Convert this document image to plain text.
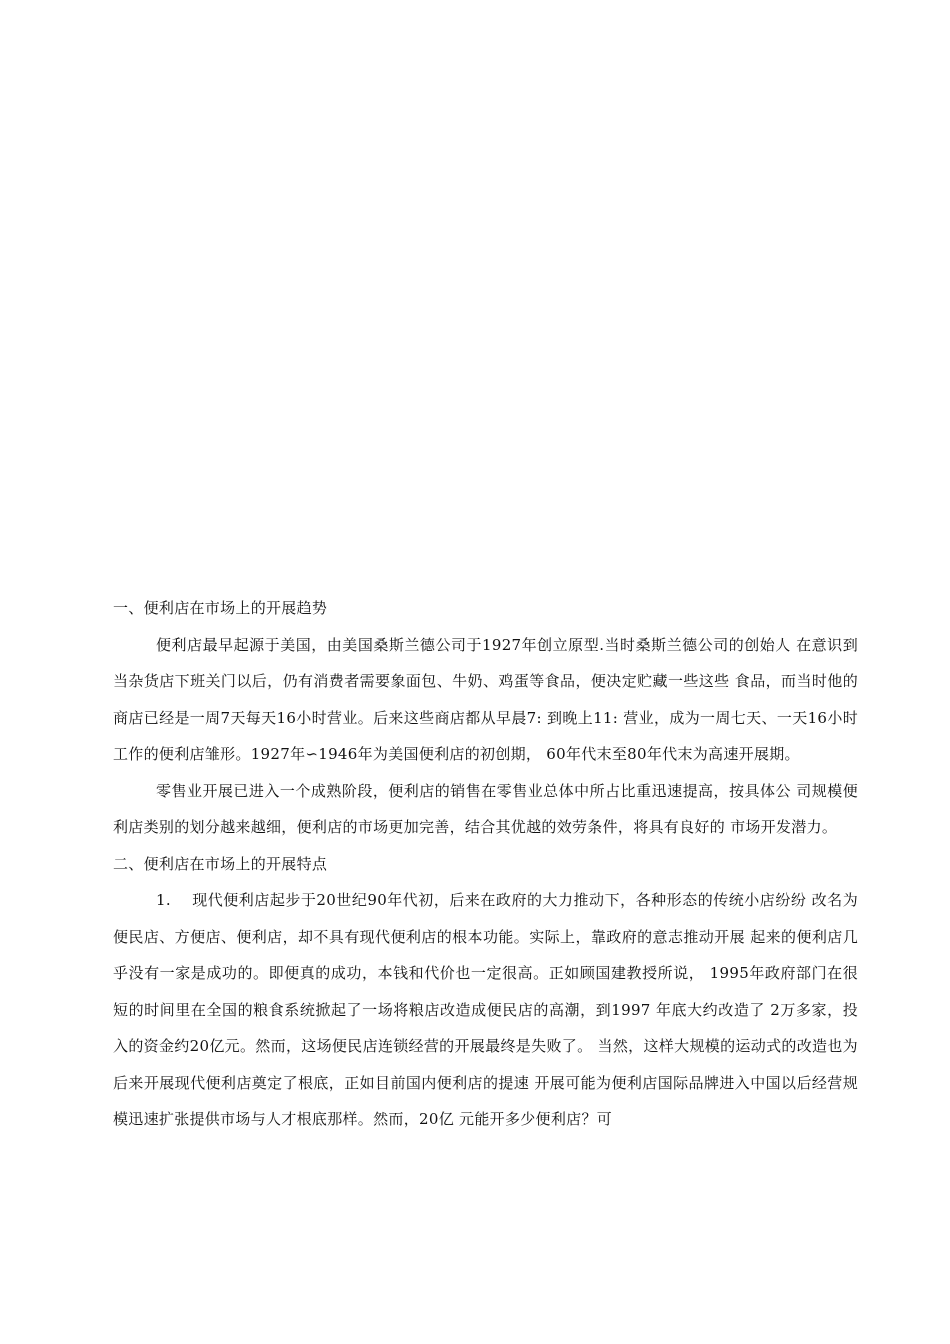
一、便利店在市场上的开展趋势

便利店最早起源于美国，由美国桑斯兰德公司于1927年创立原型.当时桑斯兰德公司的创始人 在意识到当杂货店下班关门以后，仍有消费者需要象面包、牛奶、鸡蛋等食品，便决定贮藏一些这些 食品，而当时他的商店已经是一周7天每天16小时营业。后来这些商店都从早晨7: 到晚上11: 营业，成为一周七天、一天16小时工作的便利店雏形。1927年∽1946年为美国便利店的初创期， 60年代末至80年代末为高速开展期。

零售业开展已进入一个成熟阶段，便利店的销售在零售业总体中所占比重迅速提高，按具体公 司规模便利店类别的划分越来越细，便利店的市场更加完善，结合其优越的效劳条件，将具有良好的 市场开发潜力。

二、便利店在市场上的开展特点

1. 现代便利店起步于20世纪90年代初，后来在政府的大力推动下，各种形态的传统小店纷纷 改名为便民店、方便店、便利店，却不具有现代便利店的根本功能。实际上，靠政府的意志推动开展 起来的便利店几乎没有一家是成功的。即便真的成功，本钱和代价也一定很高。正如顾国建教授所说， 1995年政府部门在很短的时间里在全国的粮食系统掀起了一场将粮店改造成便民店的高潮，到1997 年底大约改造了 2万多家，投入的资金约20亿元。然而，这场便民店连锁经营的开展最终是失败了。 当然，这样大规模的运动式的改造也为后来开展现代便利店奠定了根底，正如目前国内便利店的提速 开展可能为便利店国际品牌进入中国以后经营规模迅速扩张提供市场与人才根底那样。然而，20亿 元能开多少便利店？可
